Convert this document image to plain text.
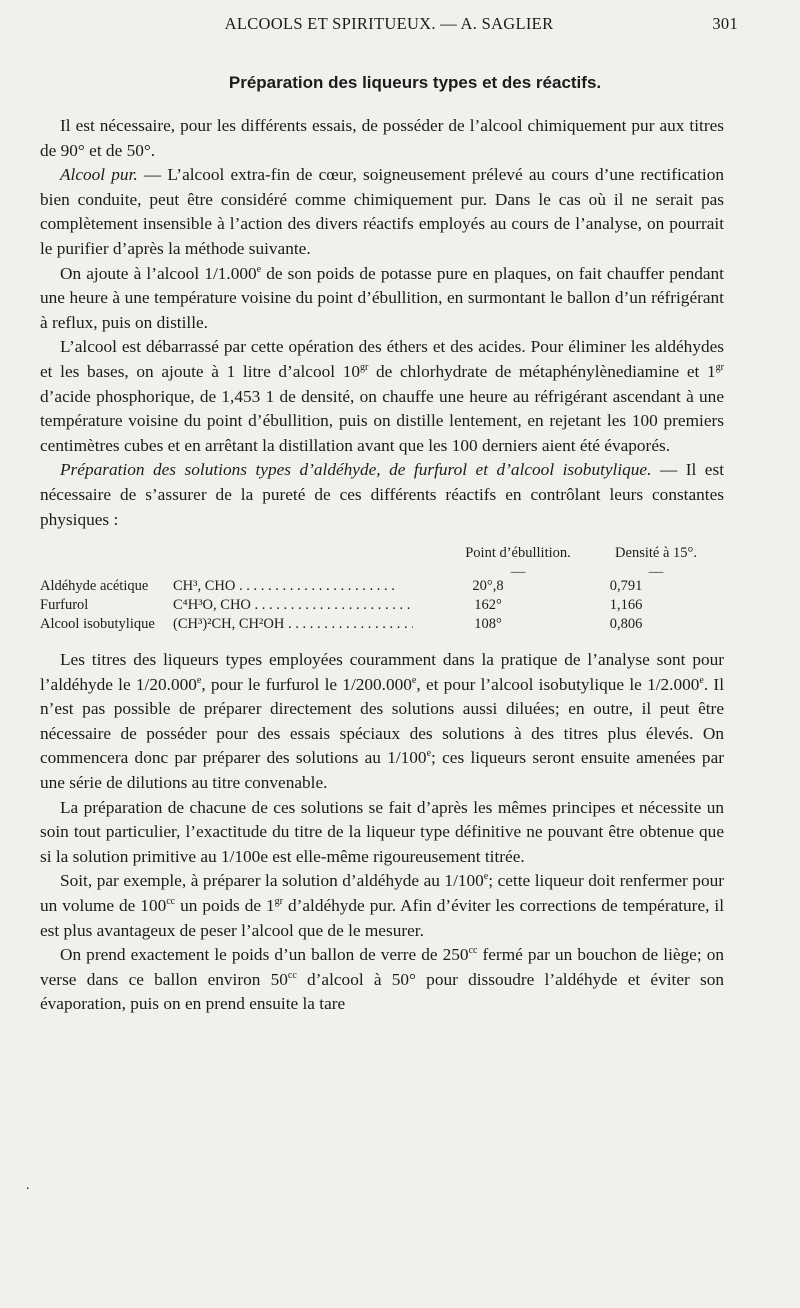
ALCOOLS ET SPIRITUEUX. — A. SAGLIER	301
Préparation des liqueurs types et des réactifs.

Il est nécessaire, pour les différents essais, de posséder de l’alcool chimiquement pur aux titres de 90° et de 50°.

Alcool pur. — L’alcool extra-fin de cœur, soigneusement prélevé au cours d’une rectification bien conduite, peut être considéré comme chimiquement pur. Dans le cas où il ne serait pas complètement insensible à l’action des divers réactifs employés au cours de l’analyse, on pourrait le purifier d’après la méthode suivante.

On ajoute à l’alcool 1/1.000e de son poids de potasse pure en plaques, on fait chauffer pendant une heure à une température voisine du point d’ébullition, en surmontant le ballon d’un réfrigérant à reflux, puis on distille.

L’alcool est débarrassé par cette opération des éthers et des acides. Pour éliminer les aldéhydes et les bases, on ajoute à 1 litre d’alcool $10^{gr}$ de chlorhydrate de métaphénylènediamine et $1^{gr}$ d’acide phosphorique, de 1,453 1 de densité, on chauffe une heure au réfrigérant ascendant à une température voisine du point d’ébullition, puis on distille lentement, en rejetant les 100 premiers centimètres cubes et en arrêtant la distillation avant que les 100 derniers aient été évaporés.

Préparation des solutions types d’aldéhyde, de furfurol et d’alcool isobutylique. — Il est nécessaire de s’assurer de la pureté de ces différents réactifs en contrôlant leurs constantes physiques :

Point d’ébullition.	Densité à 15°.
—	—
Aldéhyde acétique	CH³, CHO . . .	20°,8	0,791
Furfurol	C⁴H³O, CHO . . .	162°	1,166
Alcool isobutylique	(CH³)²CH, CH²OH . . .	108°	0,806

Les titres des liqueurs types employées couramment dans la pratique de l’analyse sont pour l’aldéhyde le 1/20.000e, pour le furfurol le 1/200.000e, et pour l’alcool isobutylique le 1/2.000e. Il n’est pas possible de préparer directement des solutions aussi diluées; en outre, il peut être nécessaire de posséder pour des essais spéciaux des solutions à des titres plus élevés. On commencera donc par préparer des solutions au 1/100e; ces liqueurs seront ensuite amenées par une série de dilutions au titre convenable.

La préparation de chacune de ces solutions se fait d’après les mêmes principes et nécessite un soin tout particulier, l’exactitude du titre de la liqueur type définitive ne pouvant être obtenue que si la solution primitive au 1/100e est elle-même rigoureusement titrée.

Soit, par exemple, à préparer la solution d’aldéhyde au 1/100e; cette liqueur doit renfermer pour un volume de $100^{cc}$ un poids de $1^{gr}$ d’aldéhyde pur. Afin d’éviter les corrections de température, il est plus avantageux de peser l’alcool que de le mesurer.

On prend exactement le poids d’un ballon de verre de $250^{cc}$ fermé par un bouchon de liège; on verse dans ce ballon environ $50^{cc}$ d’alcool à 50° pour dissoudre l’aldéhyde et éviter son évaporation, puis on en prend ensuite la tare

.
